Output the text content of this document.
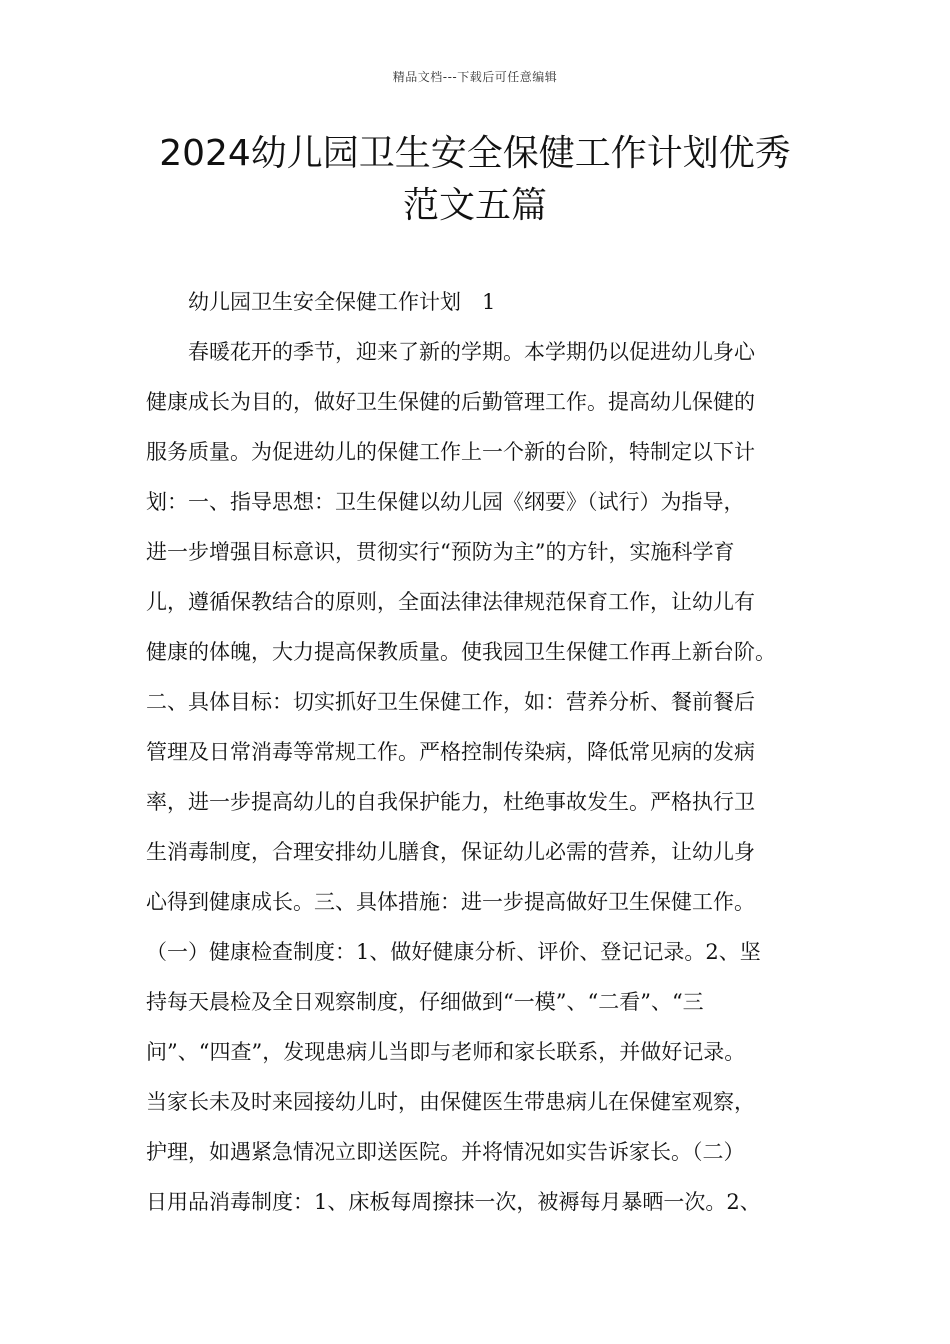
精品文档---下载后可任意编辑
2024幼儿园卫生安全保健工作计划优秀
范文五篇
幼儿园卫生安全保健工作计划　1
春暖花开的季节，迎来了新的学期。本学期仍以促进幼儿身心
健康成长为目的，做好卫生保健的后勤管理工作。提高幼儿保健的
服务质量。为促进幼儿的保健工作上一个新的台阶，特制定以下计
划：一、指导思想：卫生保健以幼儿园《纲要》（试行）为指导，
进一步增强目标意识，贯彻实行“预防为主”的方针，实施科学育
儿，遵循保教结合的原则，全面法律法律规范保育工作，让幼儿有
健康的体魄，大力提高保教质量。使我园卫生保健工作再上新台阶。
二、具体目标：切实抓好卫生保健工作，如：营养分析、餐前餐后
管理及日常消毒等常规工作。严格控制传染病，降低常见病的发病
率，进一步提高幼儿的自我保护能力，杜绝事故发生。严格执行卫
生消毒制度，合理安排幼儿膳食，保证幼儿必需的营养，让幼儿身
心得到健康成长。三、具体措施：进一步提高做好卫生保健工作。
（一）健康检查制度：1、做好健康分析、评价、登记记录。2、坚
持每天晨检及全日观察制度，仔细做到“一模”、“二看”、“三
问”、“四查”，发现患病儿当即与老师和家长联系，并做好记录。
当家长未及时来园接幼儿时，由保健医生带患病儿在保健室观察，
护理，如遇紧急情况立即送医院。并将情况如实告诉家长。（二）
日用品消毒制度：1、床板每周擦抹一次，被褥每月暴晒一次。2、
